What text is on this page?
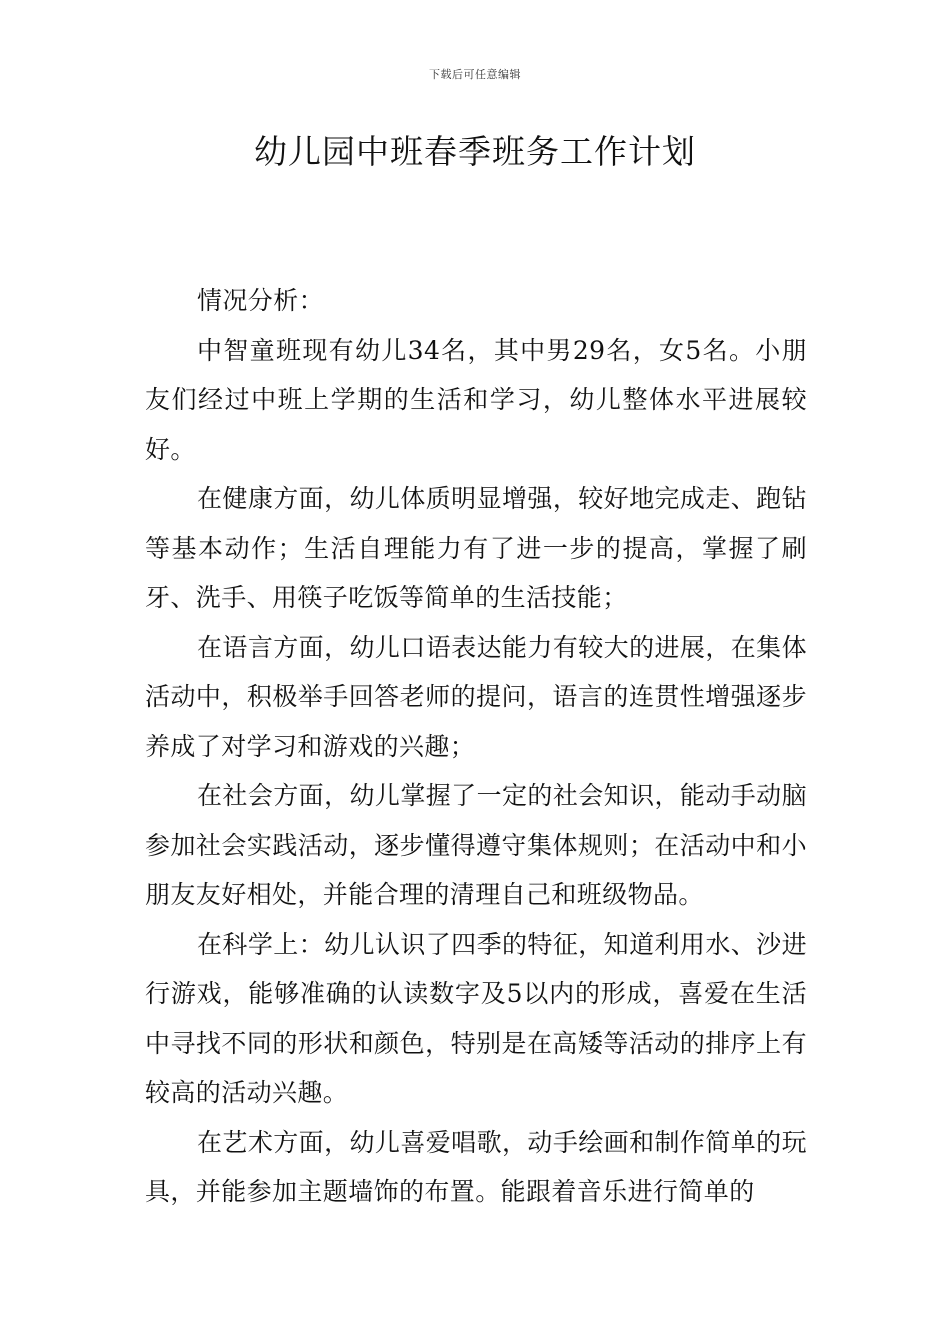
下载后可任意编辑
幼儿园中班春季班务工作计划

情况分析：

中智童班现有幼儿34名，其中男29名，女5名。小朋友们经过中班上学期的生活和学习，幼儿整体水平进展较好。

在健康方面，幼儿体质明显增强，较好地完成走、跑钻等基本动作；生活自理能力有了进一步的提高，掌握了刷牙、洗手、用筷子吃饭等简单的生活技能；

在语言方面，幼儿口语表达能力有较大的进展，在集体活动中，积极举手回答老师的提问，语言的连贯性增强逐步养成了对学习和游戏的兴趣；

在社会方面，幼儿掌握了一定的社会知识，能动手动脑参加社会实践活动，逐步懂得遵守集体规则；在活动中和小朋友友好相处，并能合理的清理自己和班级物品。

在科学上：幼儿认识了四季的特征，知道利用水、沙进行游戏，能够准确的认读数字及5以内的形成，喜爱在生活中寻找不同的形状和颜色，特别是在高矮等活动的排序上有较高的活动兴趣。

在艺术方面，幼儿喜爱唱歌，动手绘画和制作简单的玩具，并能参加主题墙饰的布置。能跟着音乐进行简单的
